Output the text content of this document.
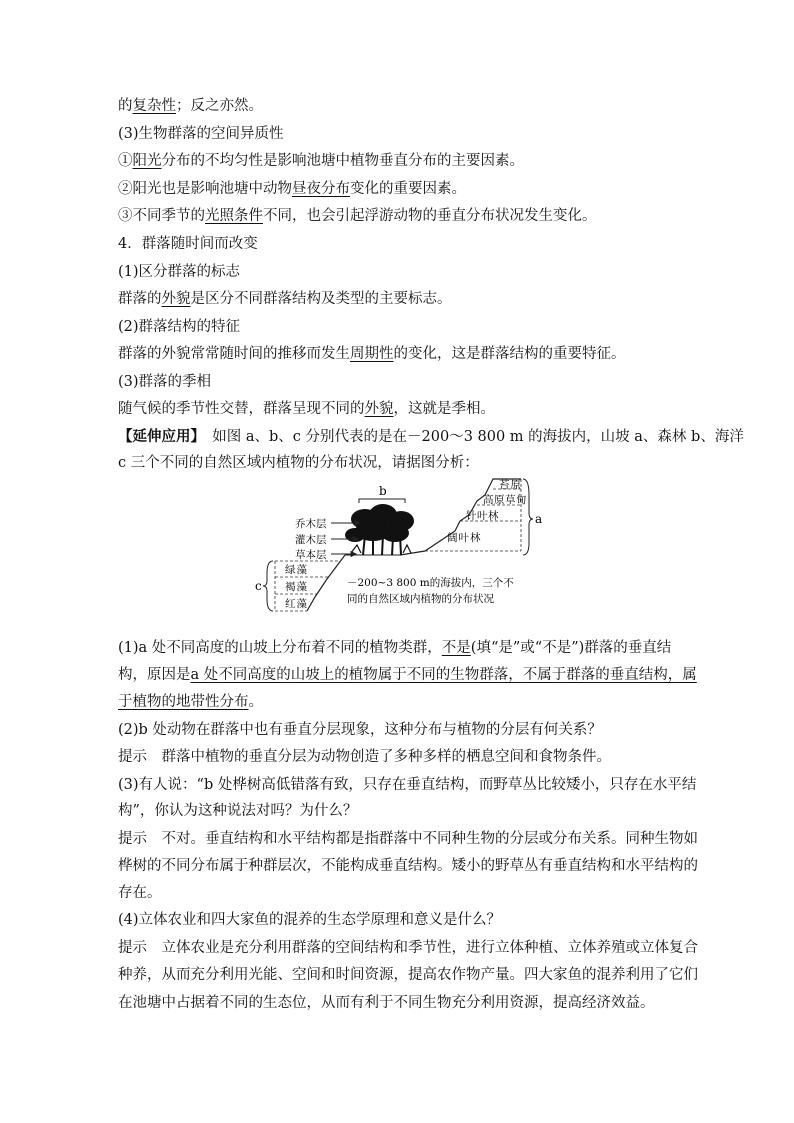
的复杂性；反之亦然。
(3)生物群落的空间异质性
①阳光分布的不均匀性是影响池塘中植物垂直分布的主要因素。
②阳光也是影响池塘中动物昼夜分布变化的重要因素。
③不同季节的光照条件不同，也会引起浮游动物的垂直分布状况发生变化。
4．群落随时间而改变
(1)区分群落的标志
群落的外貌是区分不同群落结构及类型的主要标志。
(2)群落结构的特征
群落的外貌常常随时间的推移而发生周期性的变化，这是群落结构的重要特征。
(3)群落的季相
随气候的季节性交替，群落呈现不同的外貌，这就是季相。
【延伸应用】　如图 a、b、c 分别代表的是在－200～3 800 m 的海拔内，山坡 a、森林 b、海洋
c 三个不同的自然区域内植物的分布状况，请据图分析：
(1)a 处不同高度的山坡上分布着不同的植物类群，不是(填“是”或“不是”)群落的垂直结
构，原因是a 处不同高度的山坡上的植物属于不同的生物群落，不属于群落的垂直结构，属
于植物的地带性分布。
(2)b 处动物在群落中也有垂直分层现象，这种分布与植物的分层有何关系？
提示　群落中植物的垂直分层为动物创造了多种多样的栖息空间和食物条件。
(3)有人说：“b 处桦树高低错落有致，只存在垂直结构，而野草丛比较矮小，只存在水平结
构”，你认为这种说法对吗？为什么？
提示　不对。垂直结构和水平结构都是指群落中不同种生物的分层或分布关系。同种生物如
桦树的不同分布属于种群层次，不能构成垂直结构。矮小的野草丛有垂直结构和水平结构的
存在。
(4)立体农业和四大家鱼的混养的生态学原理和意义是什么？
提示　立体农业是充分利用群落的空间结构和季节性，进行立体种植、立体养殖或立体复合
种养，从而充分利用光能、空间和时间资源，提高农作物产量。四大家鱼的混养利用了它们
在池塘中占据着不同的生态位，从而有利于不同生物充分利用资源，提高经济效益。
a
苔原
高原草甸
针叶林
阔叶林
b
乔木层
灌木层
草本层
绿藻
褐藻
红藻
c	－200~3 800 m的海拔内，三个不
同的自然区域内植物的分布状况
